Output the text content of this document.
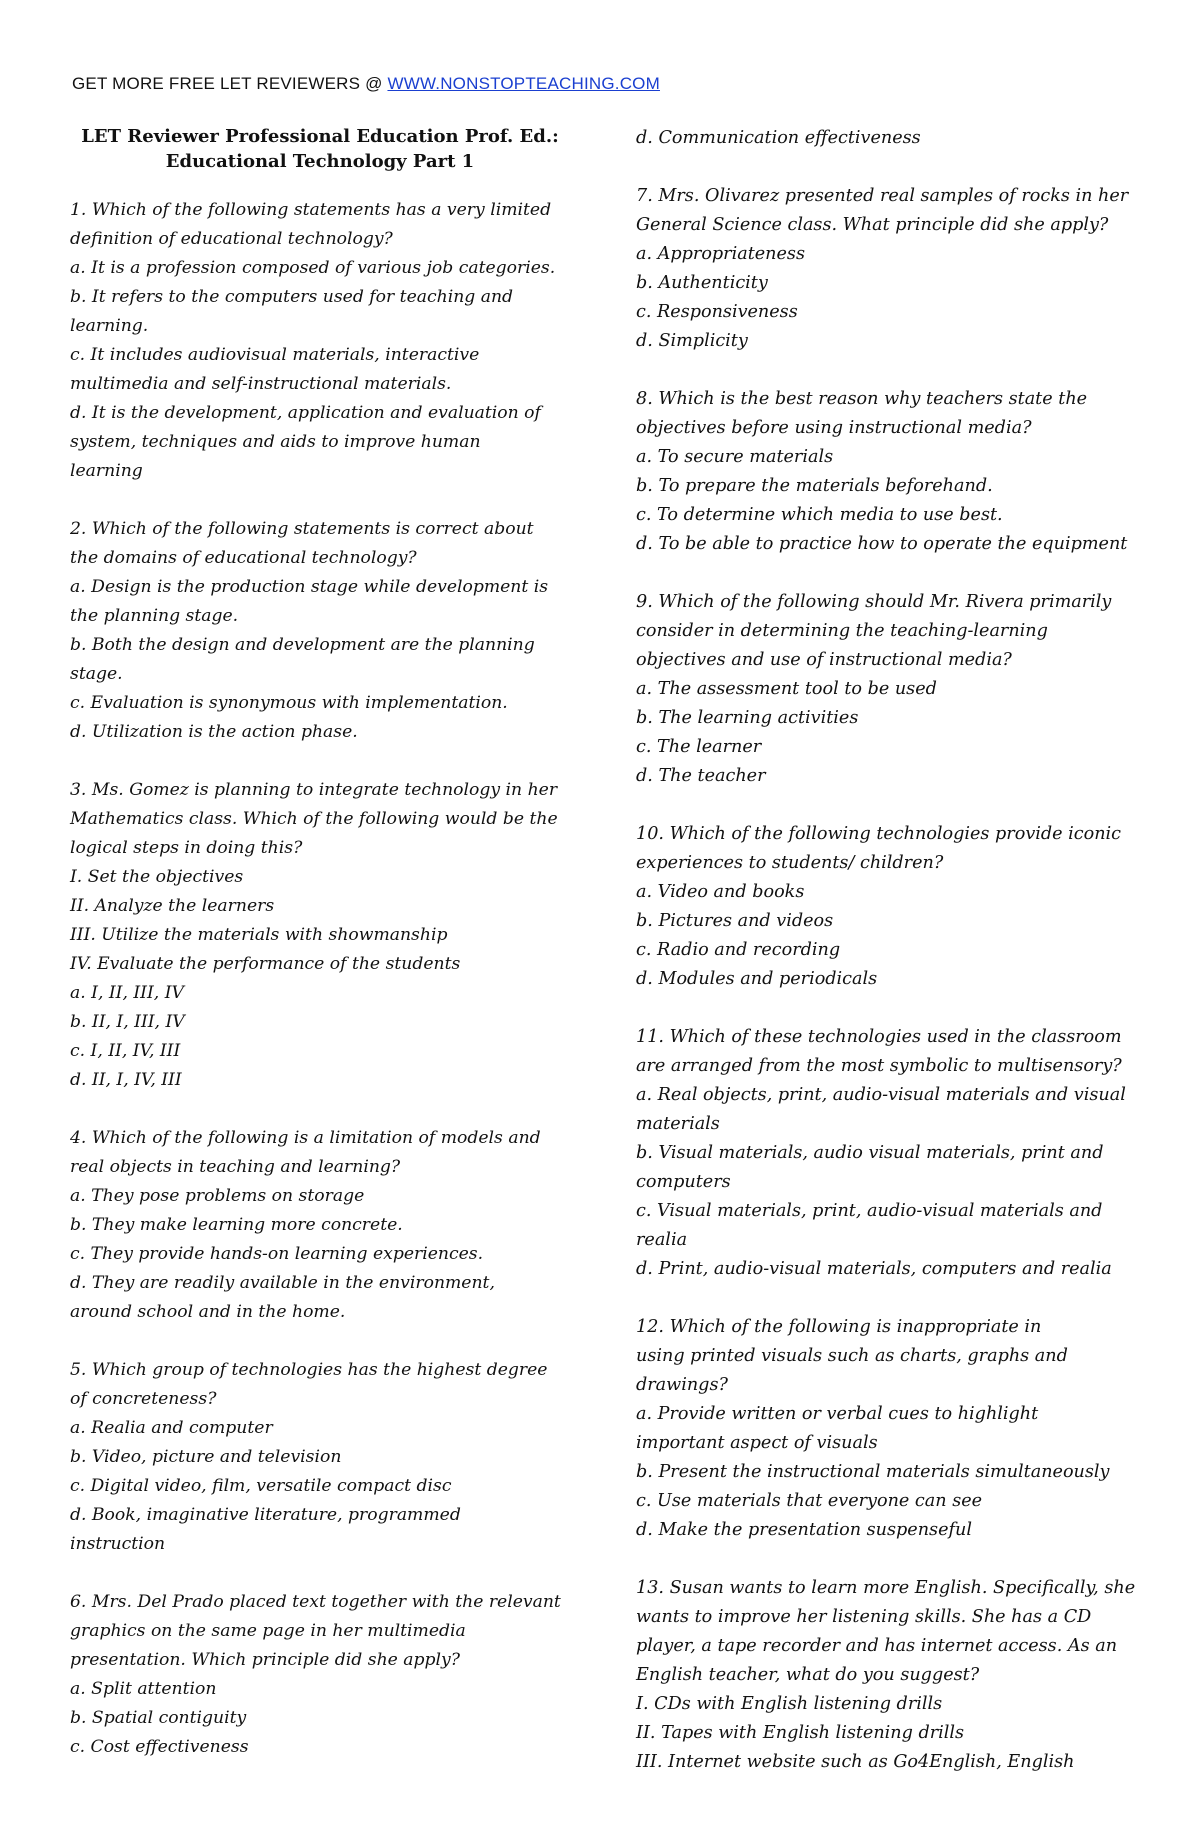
GET MORE FREE LET REVIEWERS @ WWW.NONSTOPTEACHING.COM
LET Reviewer Professional Education Prof. Ed.:
Educational Technology Part 1

1. Which of the following statements has a very limited

definition of educational technology?

a. It is a profession composed of various job categories.

b. It refers to the computers used for teaching and

learning.

c. It includes audiovisual materials, interactive

multimedia and self-instructional materials.

d. It is the development, application and evaluation of

system, techniques and aids to improve human

learning

2. Which of the following statements is correct about

the domains of educational technology?

a. Design is the production stage while development is

the planning stage.

b. Both the design and development are the planning

stage.

c. Evaluation is synonymous with implementation.

d. Utilization is the action phase.

3. Ms. Gomez is planning to integrate technology in her

Mathematics class. Which of the following would be the

logical steps in doing this?

I. Set the objectives

II. Analyze the learners

III. Utilize the materials with showmanship

IV. Evaluate the performance of the students

a. I, II, III, IV

b. II, I, III, IV

c. I, II, IV, III

d. II, I, IV, III

4. Which of the following is a limitation of models and

real objects in teaching and learning?

a. They pose problems on storage

b. They make learning more concrete.

c. They provide hands-on learning experiences.

d. They are readily available in the environment,

around school and in the home.

5. Which group of technologies has the highest degree

of concreteness?

a. Realia and computer

b. Video, picture and television

c. Digital video, film, versatile compact disc

d. Book, imaginative literature, programmed

instruction

6. Mrs. Del Prado placed text together with the relevant

graphics on the same page in her multimedia

presentation. Which principle did she apply?

a. Split attention

b. Spatial contiguity

c. Cost effectiveness

d. Communication effectiveness

7. Mrs. Olivarez presented real samples of rocks in her

General Science class. What principle did she apply?

a. Appropriateness

b. Authenticity

c. Responsiveness

d. Simplicity

8. Which is the best reason why teachers state the

objectives before using instructional media?

a. To secure materials

b. To prepare the materials beforehand.

c. To determine which media to use best.

d. To be able to practice how to operate the equipment

9. Which of the following should Mr. Rivera primarily

consider in determining the teaching-learning

objectives and use of instructional media?

a. The assessment tool to be used

b. The learning activities

c. The learner

d. The teacher

10. Which of the following technologies provide iconic

experiences to students/ children?

a. Video and books

b. Pictures and videos

c. Radio and recording

d. Modules and periodicals

11. Which of these technologies used in the classroom

are arranged from the most symbolic to multisensory?

a. Real objects, print, audio-visual materials and visual

materials

b. Visual materials, audio visual materials, print and

computers

c. Visual materials, print, audio-visual materials and

realia

d. Print, audio-visual materials, computers and realia

12. Which of the following is inappropriate in

using printed visuals such as charts, graphs and

drawings?

a. Provide written or verbal cues to highlight

important aspect of visuals

b. Present the instructional materials simultaneously

c. Use materials that everyone can see

d. Make the presentation suspenseful

13. Susan wants to learn more English. Specifically, she

wants to improve her listening skills. She has a CD

player, a tape recorder and has internet access. As an

English teacher, what do you suggest?

I. CDs with English listening drills

II. Tapes with English listening drills

III. Internet website such as Go4English, English
